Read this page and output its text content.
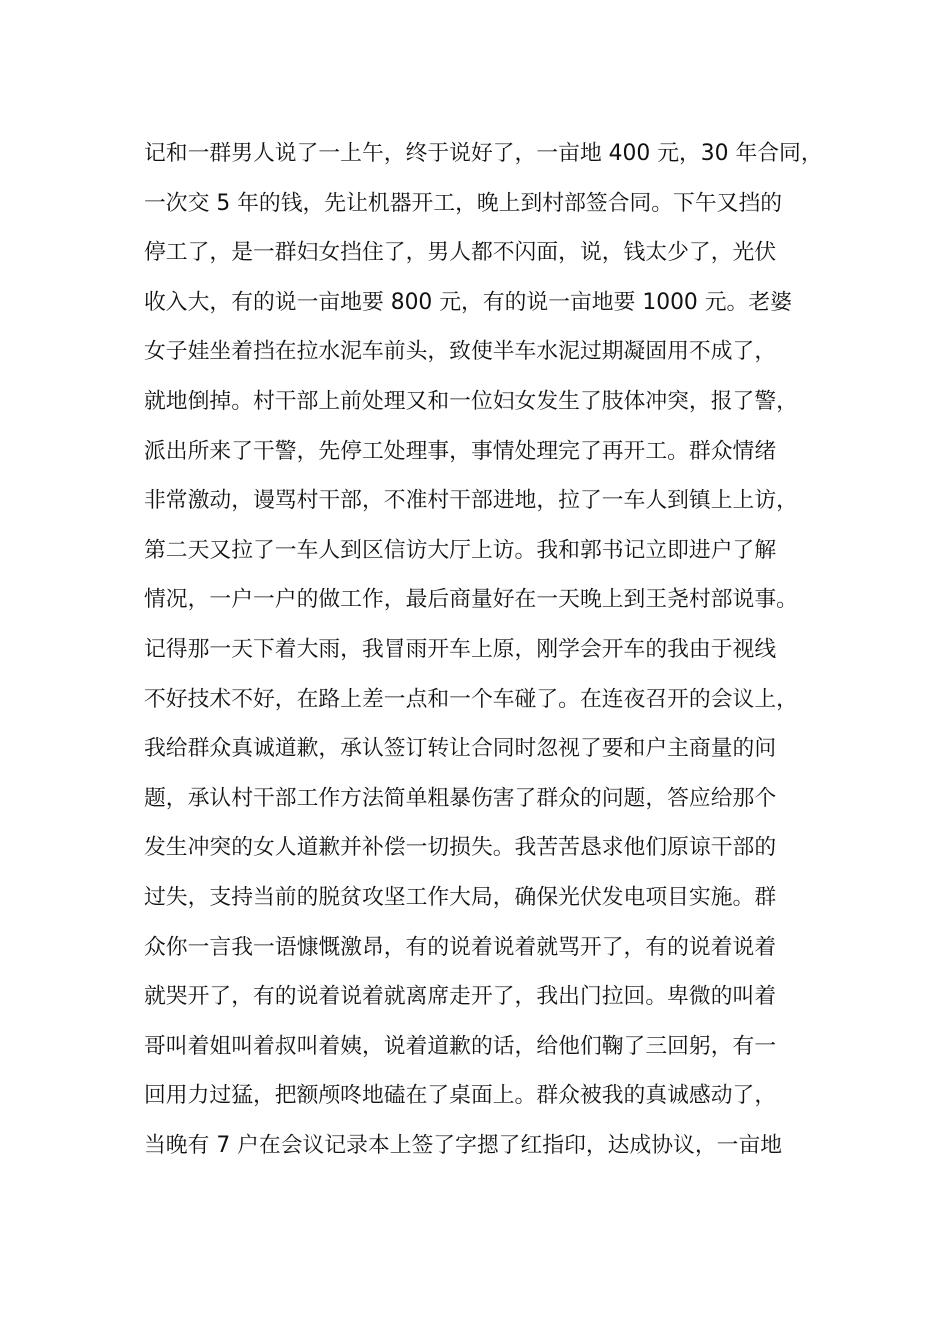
记和一群男人说了一上午，终于说好了，一亩地 400 元，30 年合同，
一次交 5 年的钱，先让机器开工，晚上到村部签合同。下午又挡的
停工了，是一群妇女挡住了，男人都不闪面，说，钱太少了，光伏
收入大，有的说一亩地要 800 元，有的说一亩地要 1000 元。老婆
女子娃坐着挡在拉水泥车前头，致使半车水泥过期凝固用不成了，
就地倒掉。村干部上前处理又和一位妇女发生了肢体冲突，报了警，
派出所来了干警，先停工处理事，事情处理完了再开工。群众情绪
非常激动，谩骂村干部，不准村干部进地，拉了一车人到镇上上访，
第二天又拉了一车人到区信访大厅上访。我和郭书记立即进户了解
情况，一户一户的做工作，最后商量好在一天晚上到王尧村部说事。
记得那一天下着大雨，我冒雨开车上原，刚学会开车的我由于视线
不好技术不好，在路上差一点和一个车碰了。在连夜召开的会议上，
我给群众真诚道歉，承认签订转让合同时忽视了要和户主商量的问
题，承认村干部工作方法简单粗暴伤害了群众的问题，答应给那个
发生冲突的女人道歉并补偿一切损失。我苦苦恳求他们原谅干部的
过失，支持当前的脱贫攻坚工作大局，确保光伏发电项目实施。群
众你一言我一语慷慨激昂，有的说着说着就骂开了，有的说着说着
就哭开了，有的说着说着就离席走开了，我出门拉回。卑微的叫着
哥叫着姐叫着叔叫着姨，说着道歉的话，给他们鞠了三回躬，有一
回用力过猛，把额颅咚地磕在了桌面上。群众被我的真诚感动了，
当晚有 7 户在会议记录本上签了字摁了红指印，达成协议，一亩地
